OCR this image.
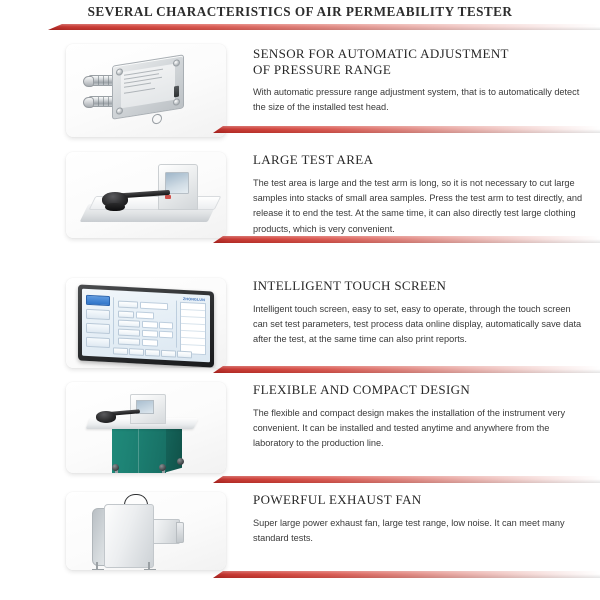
SEVERAL CHARACTERISTICS OF AIR PERMEABILITY TESTER
SENSOR FOR AUTOMATIC ADJUSTMENT
OF PRESSURE RANGE

With automatic pressure range adjustment system, that is to automatically detect the size of the installed test head.

LARGE TEST AREA

The test area is large and the test arm is long, so it is not necessary to cut large samples into stacks of small area samples. Press the test arm to test directly, and release it to end the test. At the same time, it can also directly test large clothing products, which is very convenient.

ZHONGLUN
INTELLIGENT TOUCH SCREEN

Intelligent touch screen, easy to set, easy to operate, through the touch screen can set test parameters, test process data online display, automatically save data after the test, at the same time can also print reports.

FLEXIBLE AND COMPACT DESIGN

The flexible and compact design makes the installation of the instrument very convenient. It can be installed and tested anytime and anywhere from the laboratory to the production line.

POWERFUL EXHAUST FAN

Super large power exhaust fan, large test range, low noise. It can meet many standard tests.
